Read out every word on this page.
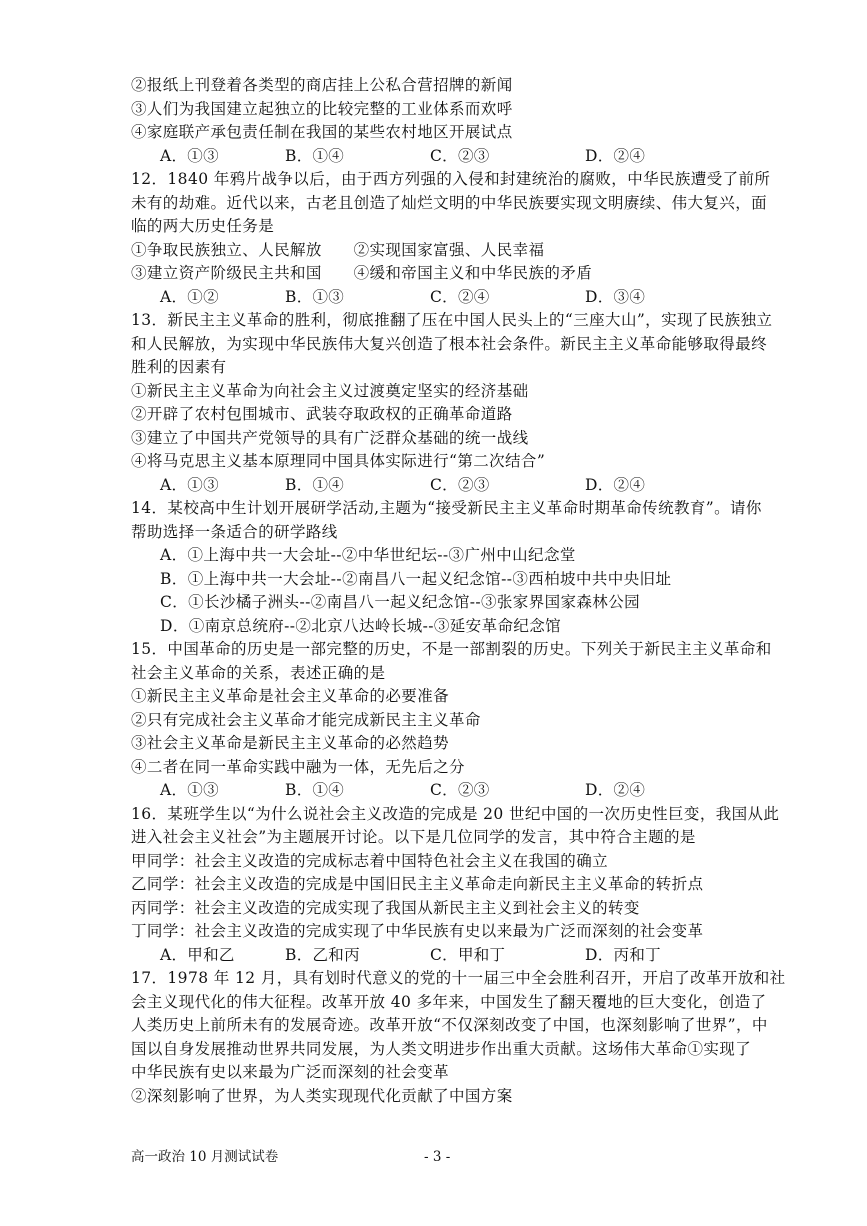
②报纸上刊登着各类型的商店挂上公私合营招牌的新闻
③人们为我国建立起独立的比较完整的工业体系而欢呼
④家庭联产承包责任制在我国的某些农村地区开展试点
A．①③	B．①④	C．②③	D．②④
12．1840 年鸦片战争以后，由于西方列强的入侵和封建统治的腐败，中华民族遭受了前所
未有的劫难。近代以来，古老且创造了灿烂文明的中华民族要实现文明赓续、伟大复兴，面
临的两大历史任务是
①争取民族独立、人民解放　　②实现国家富强、人民幸福
③建立资产阶级民主共和国　　④缓和帝国主义和中华民族的矛盾
A．①②	B．①③	C．②④	D．③④
13．新民主主义革命的胜利，彻底推翻了压在中国人民头上的“三座大山”，实现了民族独立
和人民解放，为实现中华民族伟大复兴创造了根本社会条件。新民主主义革命能够取得最终
胜利的因素有
①新民主主义革命为向社会主义过渡奠定坚实的经济基础
②开辟了农村包围城市、武装夺取政权的正确革命道路
③建立了中国共产党领导的具有广泛群众基础的统一战线
④将马克思主义基本原理同中国具体实际进行“第二次结合”
A．①③	B．①④	C．②③	D．②④
14．某校高中生计划开展研学活动,主题为“接受新民主主义革命时期革命传统教育”。请你
帮助选择一条适合的研学路线
A．①上海中共一大会址--②中华世纪坛--③广州中山纪念堂
B．①上海中共一大会址--②南昌八一起义纪念馆--③西柏坡中共中央旧址
C．①长沙橘子洲头--②南昌八一起义纪念馆--③张家界国家森林公园
D．①南京总统府--②北京八达岭长城--③延安革命纪念馆
15．中国革命的历史是一部完整的历史，不是一部割裂的历史。下列关于新民主主义革命和
社会主义革命的关系，表述正确的是
①新民主主义革命是社会主义革命的必要准备
②只有完成社会主义革命才能完成新民主主义革命
③社会主义革命是新民主主义革命的必然趋势
④二者在同一革命实践中融为一体，无先后之分
A．①③	B．①④	C．②③	D．②④
16．某班学生以“为什么说社会主义改造的完成是 20 世纪中国的一次历史性巨变，我国从此
进入社会主义社会”为主题展开讨论。以下是几位同学的发言，其中符合主题的是
甲同学：社会主义改造的完成标志着中国特色社会主义在我国的确立
乙同学：社会主义改造的完成是中国旧民主主义革命走向新民主主义革命的转折点
丙同学：社会主义改造的完成实现了我国从新民主主义到社会主义的转变
丁同学：社会主义改造的完成实现了中华民族有史以来最为广泛而深刻的社会变革
A．甲和乙	B．乙和丙	C．甲和丁	D．丙和丁
17．1978 年 12 月，具有划时代意义的党的十一届三中全会胜利召开，开启了改革开放和社
会主义现代化的伟大征程。改革开放 40 多年来，中国发生了翻天覆地的巨大变化，创造了
人类历史上前所未有的发展奇迹。改革开放“不仅深刻改变了中国，也深刻影响了世界”，中
国以自身发展推动世界共同发展，为人类文明进步作出重大贡献。这场伟大革命①实现了
中华民族有史以来最为广泛而深刻的社会变革
②深刻影响了世界，为人类实现现代化贡献了中国方案
高一政治 10 月测试试卷	- 3 -
